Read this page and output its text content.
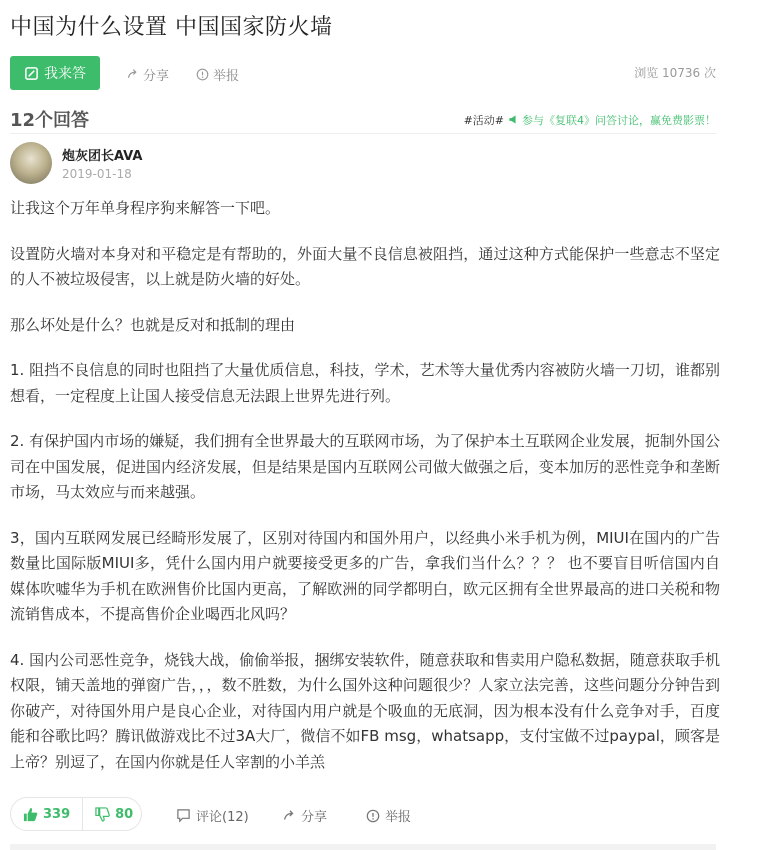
中国为什么设置 中国国家防火墙
我来答	分享	举报	浏览 10736 次
12个回答	#活动# 参与《复联4》问答讨论，赢免费影票！
炮灰团长AVA
2019-01-18

让我这个万年单身程序狗来解答一下吧。

设置防火墙对本身对和平稳定是有帮助的，外面大量不良信息被阻挡，通过这种方式能保护一些意志不坚定的人不被垃圾侵害，以上就是防火墙的好处。

那么坏处是什么？也就是反对和抵制的理由

1. 阻挡不良信息的同时也阻挡了大量优质信息，科技，学术，艺术等大量优秀内容被防火墙一刀切，谁都别想看，一定程度上让国人接受信息无法跟上世界先进行列。

2. 有保护国内市场的嫌疑，我们拥有全世界最大的互联网市场，为了保护本土互联网企业发展，扼制外国公司在中国发展，促进国内经济发展，但是结果是国内互联网公司做大做强之后，变本加厉的恶性竞争和垄断市场，马太效应与而来越强。

3，国内互联网发展已经畸形发展了，区别对待国内和国外用户，以经典小米手机为例，MIUI在国内的广告数量比国际版MIUI多，凭什么国内用户就要接受更多的广告，拿我们当什么？？？ 也不要盲目听信国内自媒体吹嘘华为手机在欧洲售价比国内更高，了解欧洲的同学都明白，欧元区拥有全世界最高的进口关税和物流销售成本，不提高售价企业喝西北风吗？

4. 国内公司恶性竞争，烧钱大战，偷偷举报，捆绑安装软件，随意获取和售卖用户隐私数据，随意获取手机权限，铺天盖地的弹窗广告，，，数不胜数，为什么国外这种问题很少？人家立法完善，这些问题分分钟告到你破产，对待国外用户是良心企业，对待国内用户就是个吸血的无底洞，因为根本没有什么竞争对手，百度能和谷歌比吗？腾讯做游戏比不过3A大厂，微信不如FB msg，whatsapp，支付宝做不过paypal，顾客是上帝？别逗了，在国内你就是任人宰割的小羊羔

339	80	评论(12)	分享	举报
